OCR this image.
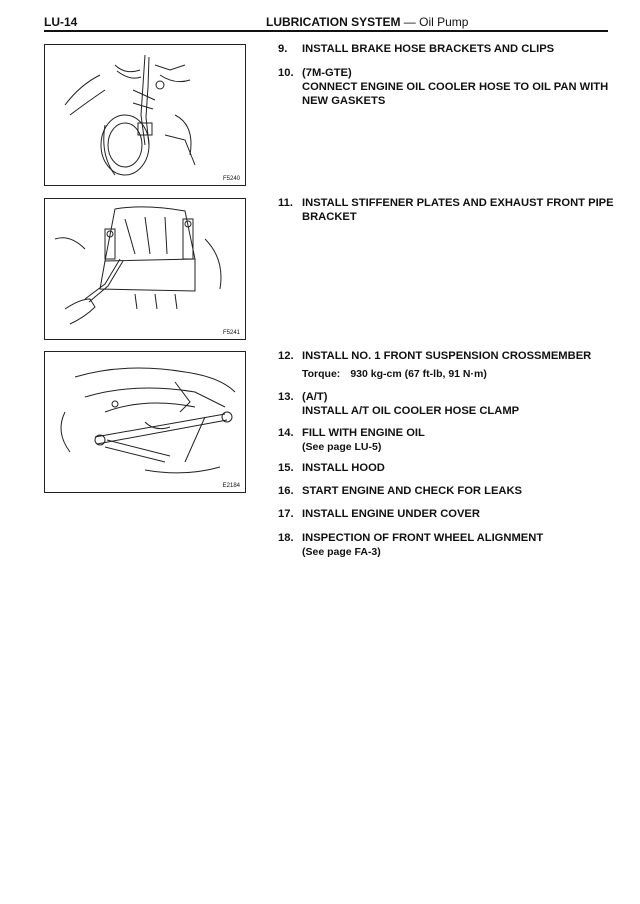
LU-14	LUBRICATION SYSTEM — Oil Pump
F5240
F5241
E2184
9.	INSTALL BRAKE HOSE BRACKETS AND CLIPS
10. (7M-GTE)
CONNECT ENGINE OIL COOLER HOSE TO OIL PAN WITH
NEW GASKETS
11. INSTALL STIFFENER PLATES AND EXHAUST FRONT PIPE
BRACKET
12. INSTALL NO. 1 FRONT SUSPENSION CROSSMEMBER
Torque: 930 kg-cm (67 ft-lb, 91 N·m)
13. (A/T)
INSTALL A/T OIL COOLER HOSE CLAMP
14. FILL WITH ENGINE OIL
(See page LU-5)
15. INSTALL HOOD
16. START ENGINE AND CHECK FOR LEAKS
17. INSTALL ENGINE UNDER COVER
18. INSPECTION OF FRONT WHEEL ALIGNMENT
(See page FA-3)
